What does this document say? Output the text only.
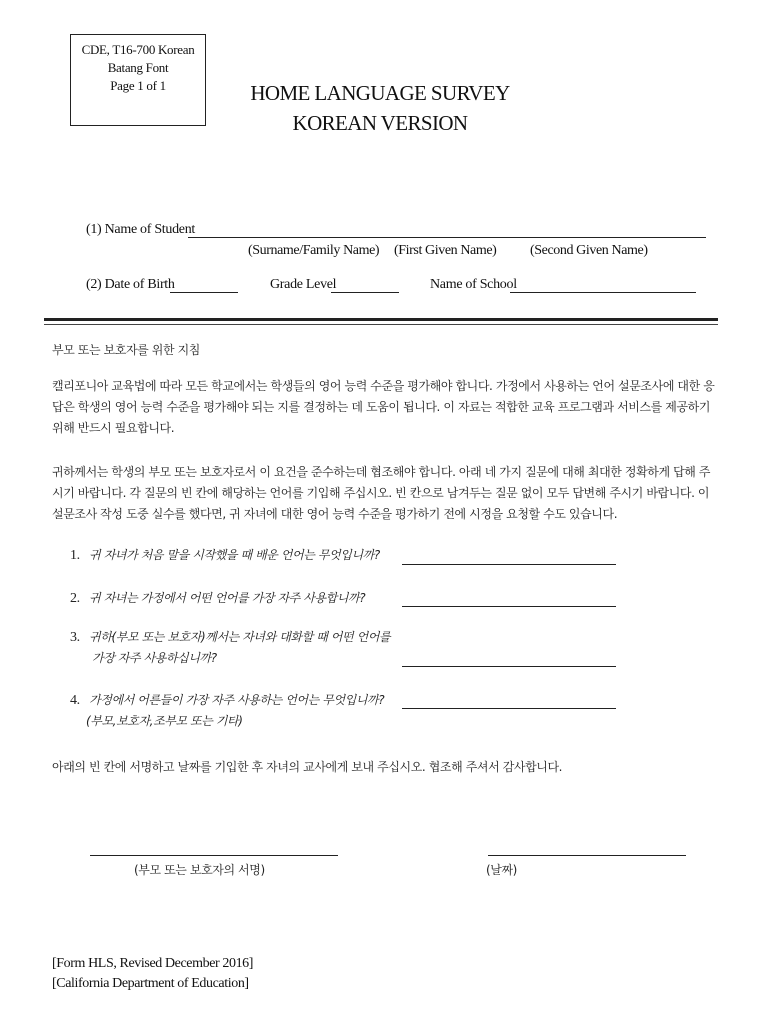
CDE, T16-700 Korean
Batang Font
Page 1 of 1	HOME LANGUAGE SURVEY
KOREAN VERSION
(1) Name of Student
(Surname/Family Name) (First Given Name) (Second Given Name)
(2) Date of Birth	Grade Level	Name of School
부모 또는 보호자를 위한 지침
캘리포니아 교육법에 따라 모든 학교에서는 학생들의 영어 능력 수준을 평가해야 합니다. 가정에서 사용하는 언어 설문조사에 대한 응답은 학생의 영어 능력 수준을 평가해야 되는 지를 결정하는 데 도움이 됩니다. 이 자료는 적합한 교육 프로그램과 서비스를 제공하기 위해 반드시 필요합니다.
귀하께서는 학생의 부모 또는 보호자로서 이 요건을 준수하는데 협조해야 합니다. 아래 네 가지 질문에 대해 최대한 정확하게 답해 주시기 바랍니다. 각 질문의 빈 칸에 해당하는 언어를 기입해 주십시오. 빈 칸으로 남겨두는 질문 없이 모두 답변해 주시기 바랍니다. 이 설문조사 작성 도중 실수를 했다면, 귀 자녀에 대한 영어 능력 수준을 평가하기 전에 시정을 요청할 수도 있습니다.
1. 귀 자녀가 처음 말을 시작했을 때 배운 언어는 무엇입니까?
2. 귀 자녀는 가정에서 어떤 언어를 가장 자주 사용합니까?
3. 귀하(부모 또는 보호자)께서는 자녀와 대화할 때 어떤 언어를
가장 자주 사용하십니까?
4. 가정에서 어른들이 가장 자주 사용하는 언어는 무엇입니까?
(부모,보호자,조부모 또는 기타)
아래의 빈 칸에 서명하고 날짜를 기입한 후 자녀의 교사에게 보내 주십시오. 협조해 주셔서 감사합니다.
(부모 또는 보호자의 서명)	(날짜)
[Form HLS, Revised December 2016]
[California Department of Education]
